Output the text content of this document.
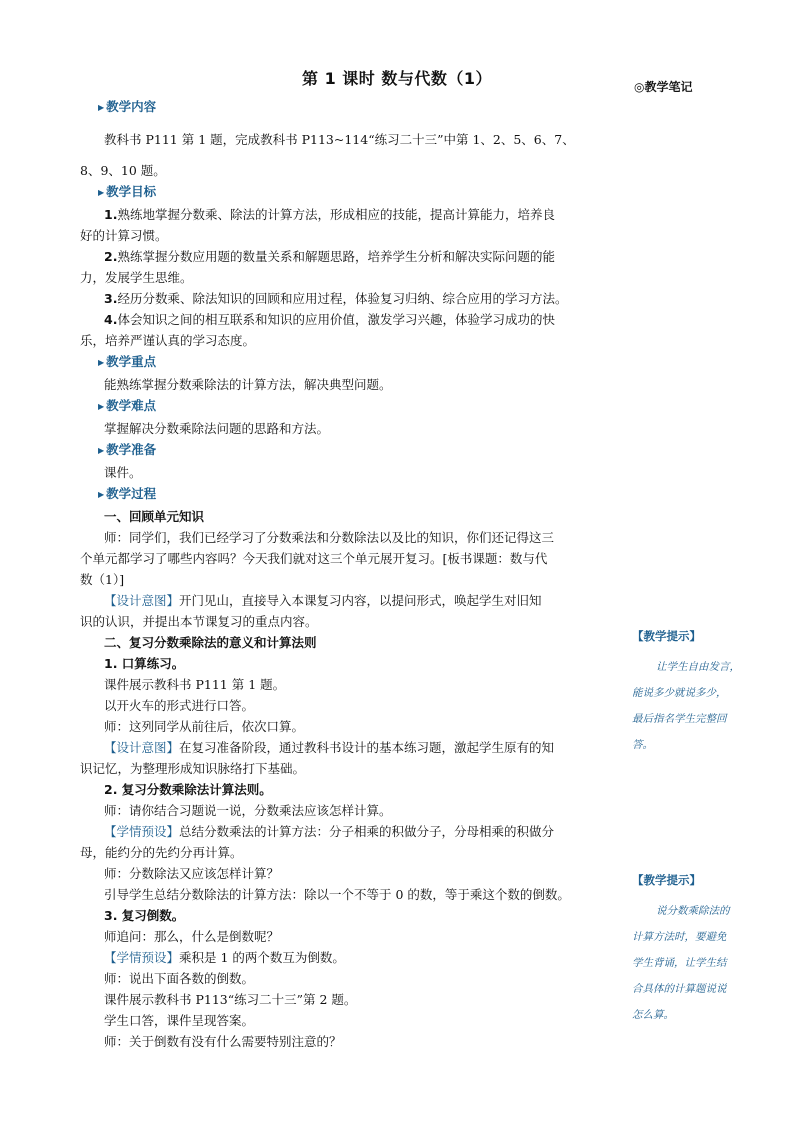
第 1 课时 数与代数（1）	◎教学笔记
▶ 教学内容
教科书 P111 第 1 题，完成教科书 P113~114“练习二十三”中第 1、2、5、6、7、
8、9、10 题。
▶ 教学目标
1.熟练地掌握分数乘、除法的计算方法，形成相应的技能，提高计算能力，培养良
好的计算习惯。
2.熟练掌握分数应用题的数量关系和解题思路，培养学生分析和解决实际问题的能
力，发展学生思维。
3.经历分数乘、除法知识的回顾和应用过程，体验复习归纳、综合应用的学习方法。
4.体会知识之间的相互联系和知识的应用价值，激发学习兴趣，体验学习成功的快
乐，培养严谨认真的学习态度。
▶ 教学重点
能熟练掌握分数乘除法的计算方法，解决典型问题。
▶ 教学难点
掌握解决分数乘除法问题的思路和方法。
▶ 教学准备
课件。
▶ 教学过程
一、回顾单元知识
师：同学们，我们已经学习了分数乘法和分数除法以及比的知识，你们还记得这三
个单元都学习了哪些内容吗？今天我们就对这三个单元展开复习。[板书课题：数与代
数（1）]
【设计意图】开门见山，直接导入本课复习内容，以提问形式，唤起学生对旧知
识的认识，并提出本节课复习的重点内容。
二、复习分数乘除法的意义和计算法则
1. 口算练习。
课件展示教科书 P111 第 1 题。
以开火车的形式进行口答。
师：这列同学从前往后，依次口算。
【设计意图】在复习准备阶段，通过教科书设计的基本练习题，激起学生原有的知
识记忆，为整理形成知识脉络打下基础。
2. 复习分数乘除法计算法则。
师：请你结合习题说一说，分数乘法应该怎样计算。
【学情预设】总结分数乘法的计算方法：分子相乘的积做分子，分母相乘的积做分
母，能约分的先约分再计算。
师：分数除法又应该怎样计算？
引导学生总结分数除法的计算方法：除以一个不等于 0 的数，等于乘这个数的倒数。
3. 复习倒数。
师追问：那么，什么是倒数呢？
【学情预设】乘积是 1 的两个数互为倒数。
师：说出下面各数的倒数。
课件展示教科书 P113“练习二十三”第 2 题。
学生口答，课件呈现答案。
师：关于倒数有没有什么需要特别注意的？
【教学提示】
让学生自由发言，
能说多少就说多少，
最后指名学生完整回
答。
【教学提示】
说分数乘除法的
计算方法时，要避免
学生背诵，让学生结
合具体的计算题说说
怎么算。
